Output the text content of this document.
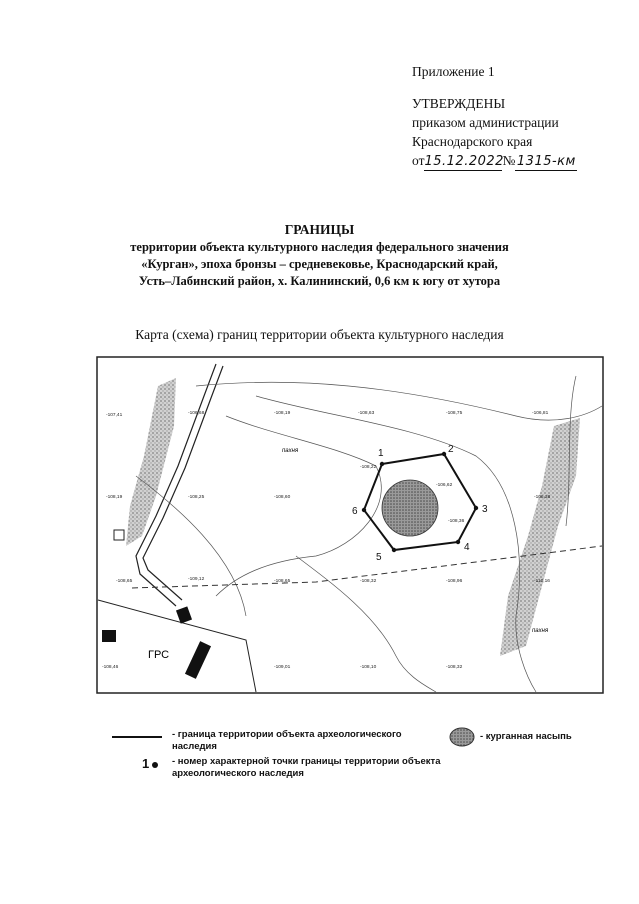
Приложение 1
УТВЕРЖДЕНЫ
приказом администрации
Краснодарского края
от15.12.2022№ 1315-км
ГРАНИЦЫ
территории объекта культурного наследия федерального значения
«Курган», эпоха бронзы – средневековье, Краснодарский край,
Усть–Лабинский район, х. Калининский, 0,6 км к югу от хутора
Карта (схема) границ территории объекта культурного наследия
ГРС
пахня
пахня
-107,41	-106,68	-108,19	-108,63	-108,75	-106,81
-108,19	-108,25	-108,60
-108,22
-106,62
-108,36
-106,38
-108,65	-109,12	-108,65	-108,32	-108,96	-110,16
-108,46	-109,01	-108,10	-108,32
1	2
3
4
5
6
- граница территории объекта археологического
наследия
- курганная насыпь
1	- номер характерной точки границы территории объекта
археологического наследия
